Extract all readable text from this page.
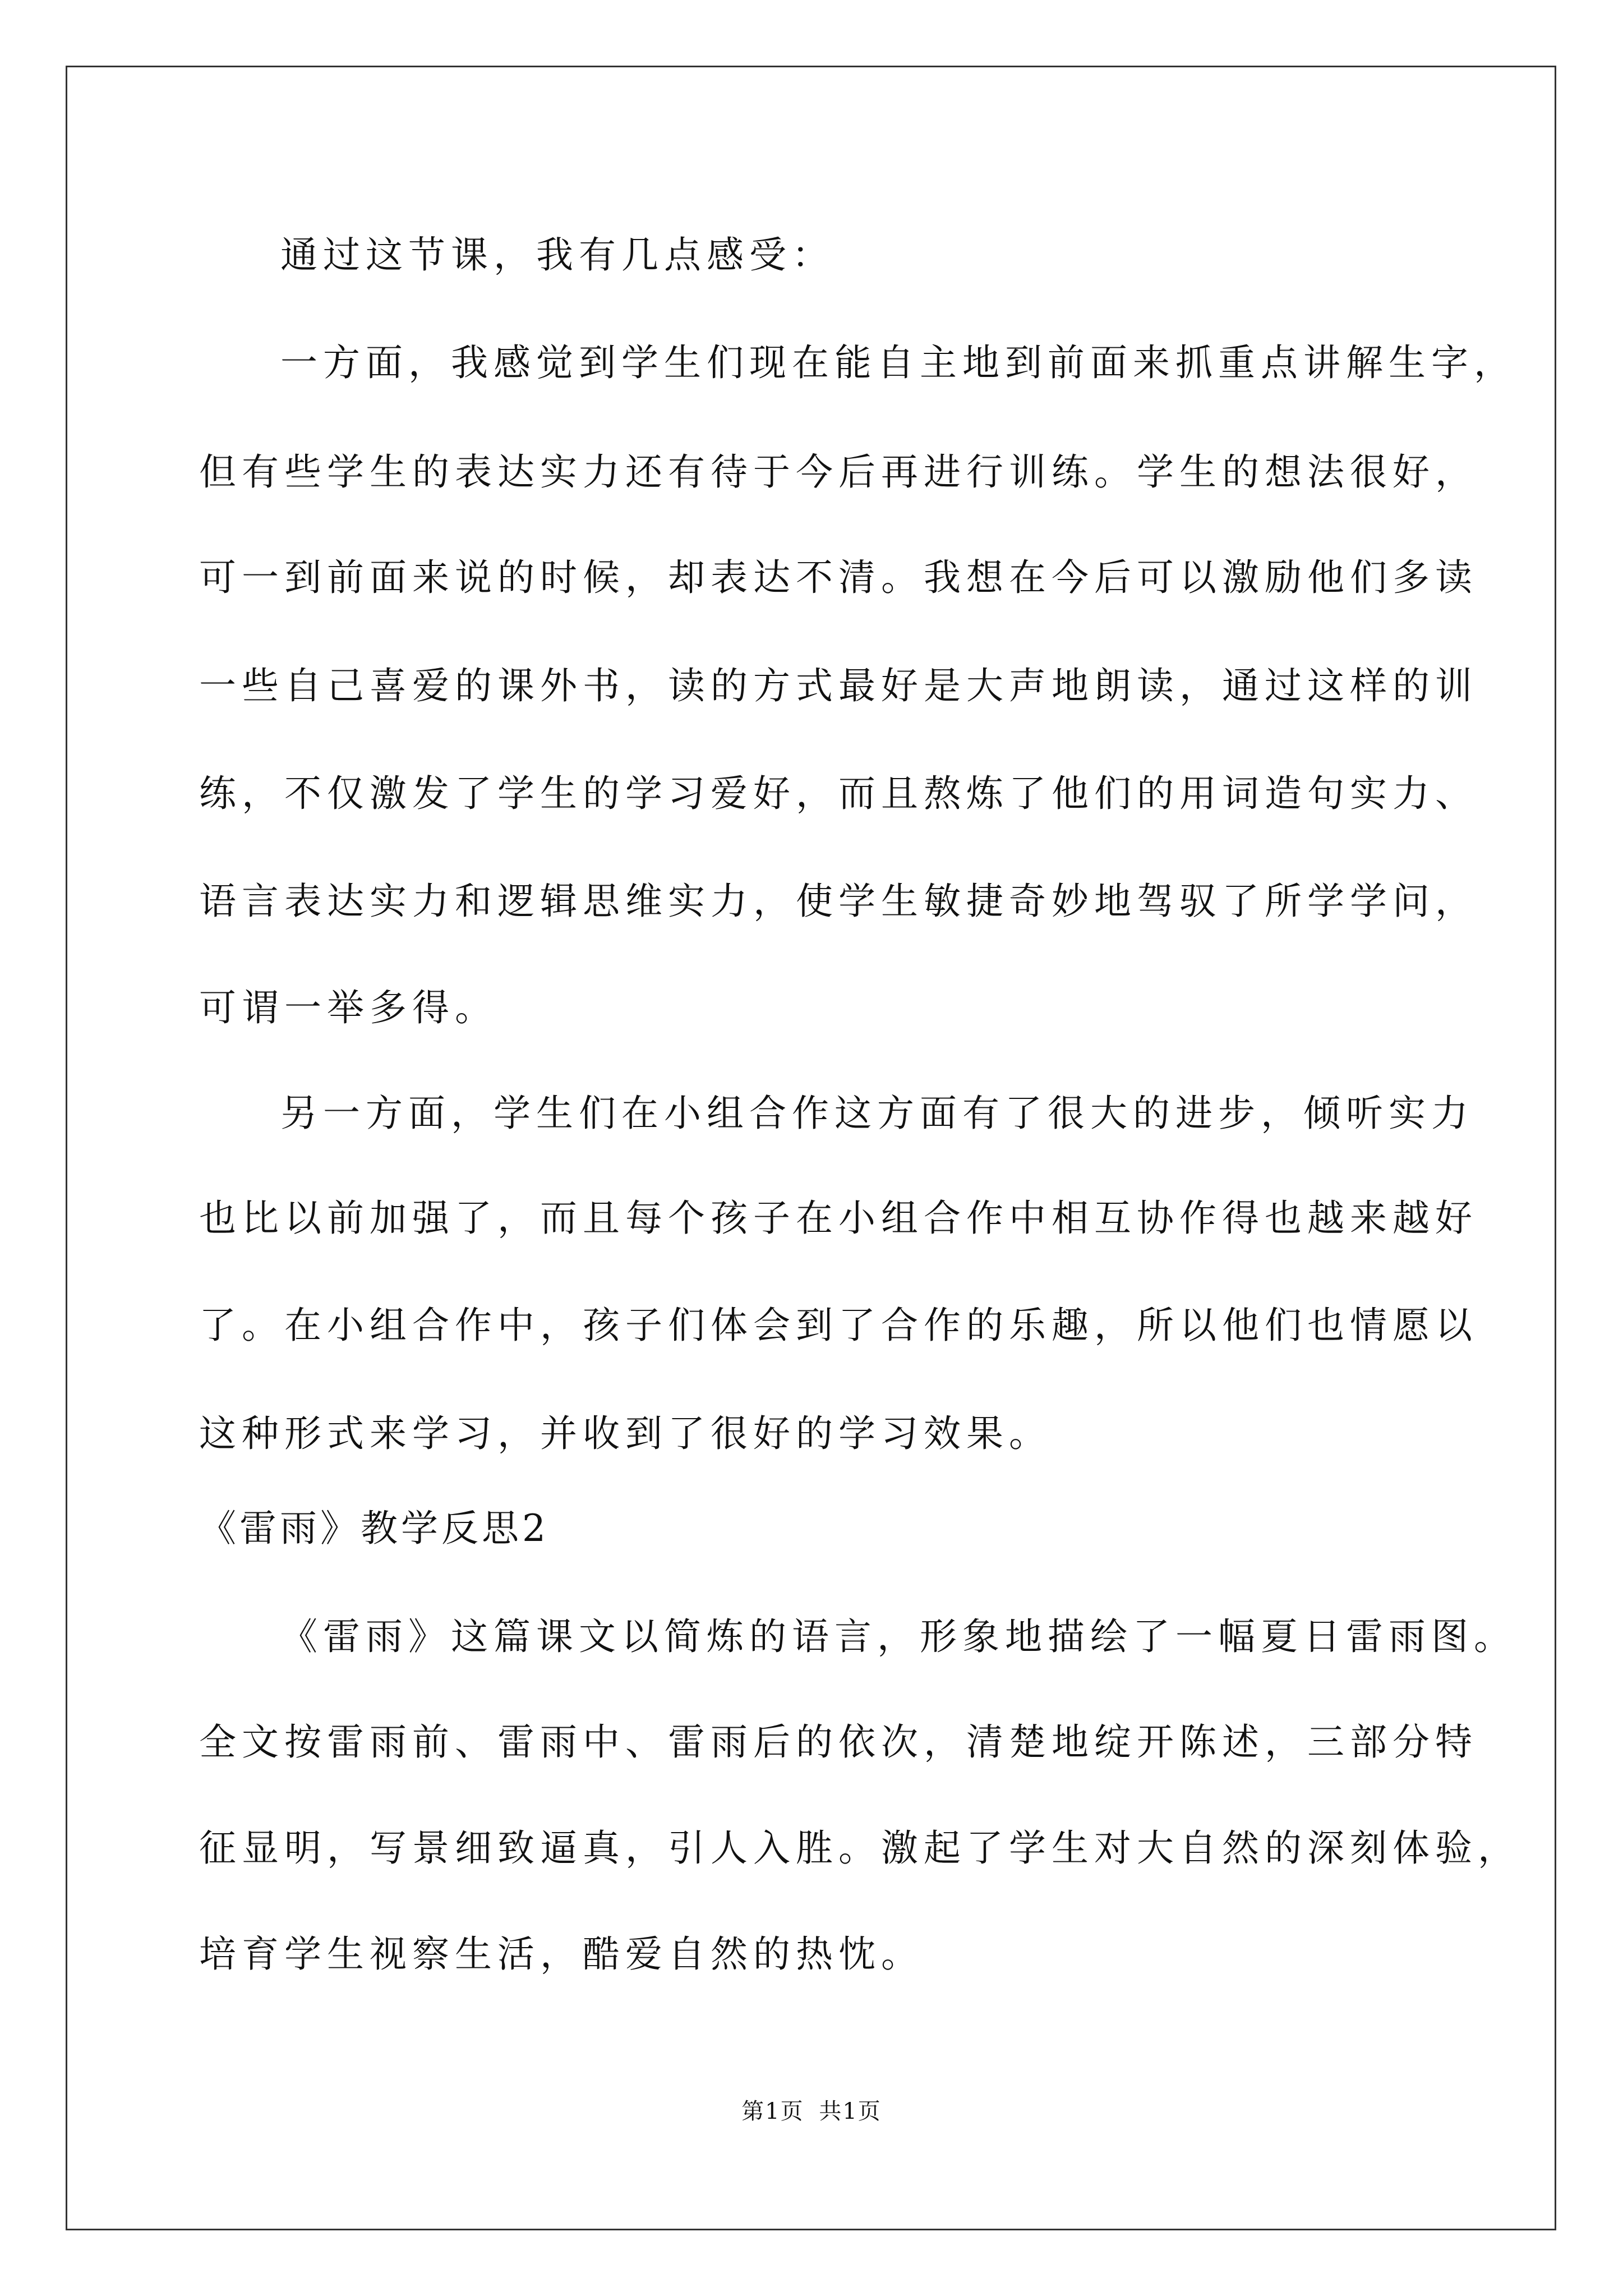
通过这节课，我有几点感受：
一方面，我感觉到学生们现在能自主地到前面来抓重点讲解生字，
但有些学生的表达实力还有待于今后再进行训练。学生的想法很好，
可一到前面来说的时候，却表达不清。我想在今后可以激励他们多读
一些自己喜爱的课外书，读的方式最好是大声地朗读，通过这样的训
练，不仅激发了学生的学习爱好，而且熬炼了他们的用词造句实力、
语言表达实力和逻辑思维实力，使学生敏捷奇妙地驾驭了所学学问，
可谓一举多得。
另一方面，学生们在小组合作这方面有了很大的进步，倾听实力
也比以前加强了，而且每个孩子在小组合作中相互协作得也越来越好
了。在小组合作中，孩子们体会到了合作的乐趣，所以他们也情愿以
这种形式来学习，并收到了很好的学习效果。
《雷雨》教学反思2
《雷雨》这篇课文以简炼的语言，形象地描绘了一幅夏日雷雨图。
全文按雷雨前、雷雨中、雷雨后的依次，清楚地绽开陈述，三部分特
征显明，写景细致逼真，引人入胜。激起了学生对大自然的深刻体验，
培育学生视察生活，酷爱自然的热忱。
第1页 共1页
